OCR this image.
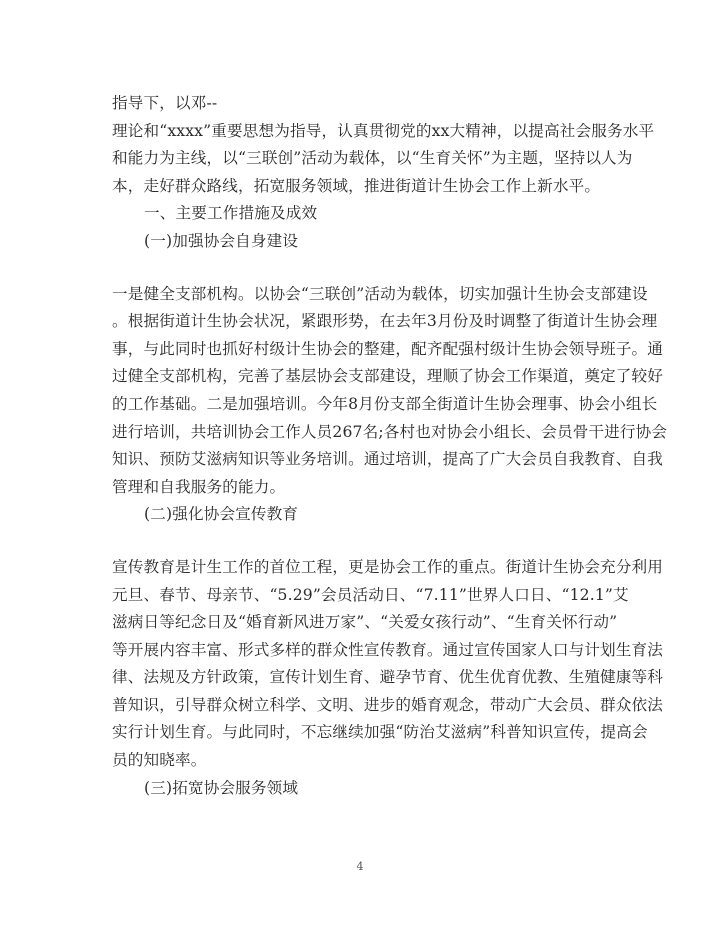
指导下，以邓--
理论和“xxxx”重要思想为指导，认真贯彻党的xx大精神，以提高社会服务水平
和能力为主线，以“三联创”活动为载体，以“生育关怀”为主题，坚持以人为
本，走好群众路线，拓宽服务领域，推进街道计生协会工作上新水平。
一、主要工作措施及成效
(一)加强协会自身建设
一是健全支部机构。以协会“三联创”活动为载体，切实加强计生协会支部建设
。根据街道计生协会状况，紧跟形势，在去年3月份及时调整了街道计生协会理
事，与此同时也抓好村级计生协会的整建，配齐配强村级计生协会领导班子。通
过健全支部机构，完善了基层协会支部建设，理顺了协会工作渠道，奠定了较好
的工作基础。二是加强培训。今年8月份支部全街道计生协会理事、协会小组长
进行培训，共培训协会工作人员267名;各村也对协会小组长、会员骨干进行协会
知识、预防艾滋病知识等业务培训。通过培训，提高了广大会员自我教育、自我
管理和自我服务的能力。
(二)强化协会宣传教育
宣传教育是计生工作的首位工程，更是协会工作的重点。街道计生协会充分利用
元旦、春节、母亲节、“5.29”会员活动日、“7.11”世界人口日、“12.1”艾
滋病日等纪念日及“婚育新风进万家”、“关爱女孩行动”、“生育关怀行动”
等开展内容丰富、形式多样的群众性宣传教育。通过宣传国家人口与计划生育法
律、法规及方针政策，宣传计划生育、避孕节育、优生优育优教、生殖健康等科
普知识，引导群众树立科学、文明、进步的婚育观念，带动广大会员、群众依法
实行计划生育。与此同时，不忘继续加强“防治艾滋病”科普知识宣传，提高会
员的知晓率。
(三)拓宽协会服务领域
4
